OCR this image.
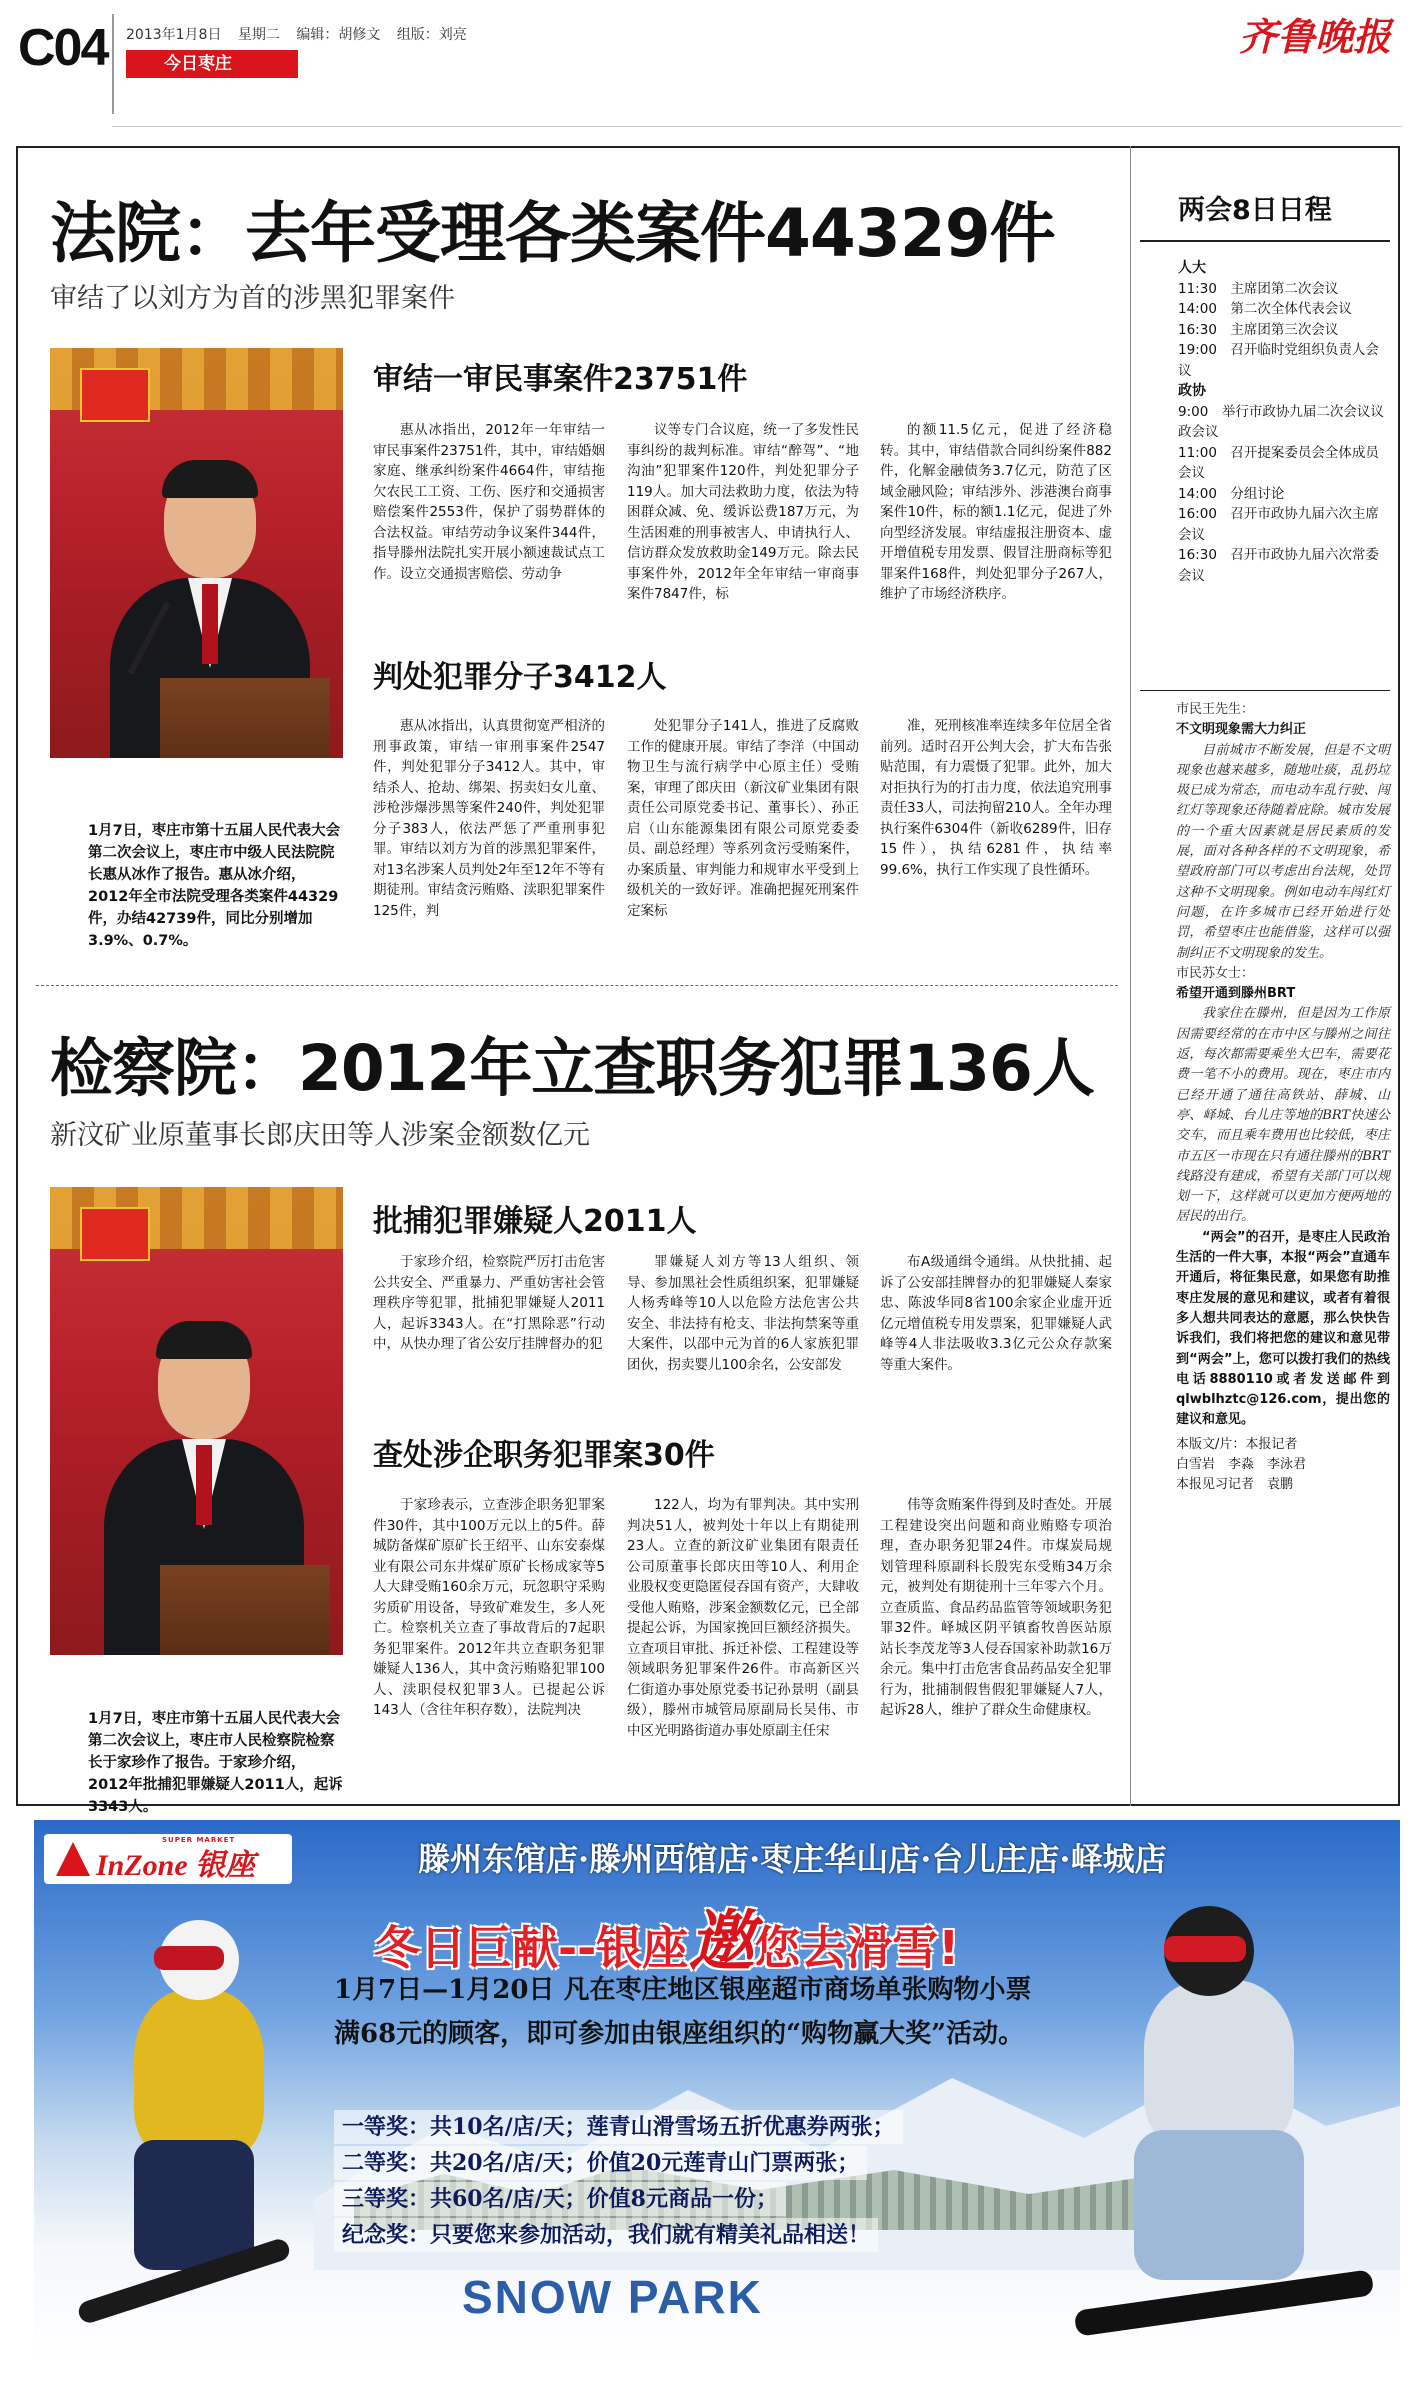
C04 2013年1月8日 星期二 编辑：胡修文 组版：刘亮
今日枣庄
齐鲁晚报
法院：去年受理各类案件44329件
审结了以刘方为首的涉黑犯罪案件
1月7日，枣庄市第十五届人民代表大会第二次会议上，枣庄市中级人民法院院长惠从冰作了报告。惠从冰介绍，2012年全市法院受理各类案件44329件，办结42739件，同比分别增加3.9%、0.7%。
审结一审民事案件23751件
惠从冰指出，2012年一年审结一审民事案件23751件，其中，审结婚姻家庭、继承纠纷案件4664件，审结拖欠农民工工资、工伤、医疗和交通损害赔偿案件2553件，保护了弱势群体的合法权益。审结劳动争议案件344件，指导滕州法院扎实开展小额速裁试点工作。设立交通损害赔偿、劳动争
议等专门合议庭，统一了多发性民事纠纷的裁判标准。审结“醉驾”、“地沟油”犯罪案件120件，判处犯罪分子119人。加大司法救助力度，依法为特困群众减、免、缓诉讼费187万元，为生活困难的刑事被害人、申请执行人、信访群众发放救助金149万元。除去民事案件外，2012年全年审结一审商事案件7847件，标
的额11.5亿元，促进了经济稳转。其中，审结借款合同纠纷案件882件，化解金融债务3.7亿元，防范了区域金融风险；审结涉外、涉港澳台商事案件10件，标的额1.1亿元，促进了外向型经济发展。审结虚报注册资本、虚开增值税专用发票、假冒注册商标等犯罪案件168件，判处犯罪分子267人，维护了市场经济秩序。
判处犯罪分子3412人
惠从冰指出，认真贯彻宽严相济的刑事政策，审结一审刑事案件2547件，判处犯罪分子3412人。其中，审结杀人、抢劫、绑架、拐卖妇女儿童、涉枪涉爆涉黑等案件240件，判处犯罪分子383人，依法严惩了严重刑事犯罪。审结以刘方为首的涉黑犯罪案件，对13名涉案人员判处2年至12年不等有期徒刑。审结贪污贿赂、渎职犯罪案件125件，判
处犯罪分子141人，推进了反腐败工作的健康开展。审结了李洋（中国动物卫生与流行病学中心原主任）受贿案，审理了郎庆田（新汶矿业集团有限责任公司原党委书记、董事长）、孙正启（山东能源集团有限公司原党委委员、副总经理）等系列贪污受贿案件，办案质量、审判能力和规审水平受到上级机关的一致好评。准确把握死刑案件定案标
准，死刑核准率连续多年位居全省前列。适时召开公判大会，扩大布告张贴范围，有力震慑了犯罪。此外，加大对拒执行为的打击力度，依法追究刑事责任33人，司法拘留210人。全年办理执行案件6304件（新收6289件，旧存15件），执结6281件，执结率99.6%，执行工作实现了良性循环。
检察院：2012年立查职务犯罪136人
新汶矿业原董事长郎庆田等人涉案金额数亿元
1月7日，枣庄市第十五届人民代表大会第二次会议上，枣庄市人民检察院检察长于家珍作了报告。于家珍介绍，2012年批捕犯罪嫌疑人2011人，起诉3343人。
批捕犯罪嫌疑人2011人
于家珍介绍，检察院严厉打击危害公共安全、严重暴力、严重妨害社会管理秩序等犯罪，批捕犯罪嫌疑人2011人，起诉3343人。在“打黑除恶”行动中，从快办理了省公安厅挂牌督办的犯
罪嫌疑人刘方等13人组织、领导、参加黑社会性质组织案，犯罪嫌疑人杨秀峰等10人以危险方法危害公共安全、非法持有枪支、非法拘禁案等重大案件，以邵中元为首的6人家族犯罪团伙，拐卖婴儿100余名，公安部发
布A级通缉令通缉。从快批捕、起诉了公安部挂牌督办的犯罪嫌疑人秦家忠、陈波华同8省100余家企业虚开近亿元增值税专用发票案，犯罪嫌疑人武峰等4人非法吸收3.3亿元公众存款案等重大案件。
查处涉企职务犯罪案30件
于家珍表示，立查涉企职务犯罪案件30件，其中100万元以上的5件。薛城防备煤矿原矿长王绍平、山东安泰煤业有限公司东井煤矿原矿长杨成家等5人大肆受贿160余万元，玩忽职守采购劣质矿用设备，导致矿难发生，多人死亡。检察机关立查了事故背后的7起职务犯罪案件。2012年共立查职务犯罪嫌疑人136人，其中贪污贿赂犯罪100人、渎职侵权犯罪3人。已提起公诉143人（含往年积存数），法院判决
122人，均为有罪判决。其中实刑判决51人，被判处十年以上有期徒刑23人。立查的新汶矿业集团有限责任公司原董事长郎庆田等10人、利用企业股权变更隐匿侵吞国有资产，大肆收受他人贿赂，涉案金额数亿元，已全部提起公诉，为国家挽回巨额经济损失。立查项目审批、拆迁补偿、工程建设等领域职务犯罪案件26件。市高新区兴仁街道办事处原党委书记孙景明（副县级），滕州市城管局原副局长吴伟、市中区光明路街道办事处原副主任宋
伟等贪贿案件得到及时查处。开展工程建设突出问题和商业贿赂专项治理，查办职务犯罪24件。市煤炭局规划管理科原副科长殷宪东受贿34万余元，被判处有期徒刑十三年零六个月。立查质监、食品药品监管等领域职务犯罪32件。峄城区阴平镇畜牧兽医站原站长李茂龙等3人侵吞国家补助款16万余元。集中打击危害食品药品安全犯罪行为，批捕制假售假犯罪嫌疑人7人，起诉28人，维护了群众生命健康权。
两会8日日程
人大
11:30　主席团第二次会议
14:00　第二次全体代表会议
16:30　主席团第三次会议
19:00　召开临时党组织负责人会议
政协
9:00　举行市政协九届二次会议议政会议
11:00　召开提案委员会全体成员会议
14:00　分组讨论
16:00　召开市政协九届六次主席会议
16:30　召开市政协九届六次常委会议
市民王先生：
不文明现象需大力纠正
目前城市不断发展，但是不文明现象也越来越多，随地吐痰，乱扔垃圾已成为常态，而电动车乱行驶、闯红灯等现象还待随着庇除。城市发展的一个重大因素就是居民素质的发展，面对各种各样的不文明现象，希望政府部门可以考虑出台法规，处罚这种不文明现象。例如电动车闯红灯问题，在许多城市已经开始进行处罚，希望枣庄也能借鉴，这样可以强制纠正不文明现象的发生。
市民苏女士：
希望开通到滕州BRT
我家住在滕州，但是因为工作原因需要经常的在市中区与滕州之间往返，每次都需要乘坐大巴车，需要花费一笔不小的费用。现在，枣庄市内已经开通了通往高铁站、薛城、山亭、峄城、台儿庄等地的BRT快速公交车，而且乘车费用也比较低，枣庄市五区一市现在只有通往滕州的BRT线路没有建成，希望有关部门可以规划一下，这样就可以更加方便两地的居民的出行。
“两会”的召开，是枣庄人民政治生活的一件大事，本报“两会”直通车开通后，将征集民意，如果您有助推枣庄发展的意见和建议，或者有着很多人想共同表达的意愿，那么快快告诉我们，我们将把您的建议和意见带到“两会”上，您可以拨打我们的热线电话8880110或者发送邮件到qlwblhztc@126.com，提出您的建议和意见。
本版文/片：本报记者
白雪岩　李淼　李泳君
本报见习记者　袁鹏
InZone 银座
SUPER MARKET	滕州东馆店·滕州西馆店·枣庄华山店·台儿庄店·峄城店
冬日巨献--银座邀您去滑雪!
1月7日—1月20日 凡在枣庄地区银座超市商场单张购物小票满68元的顾客，即可参加由银座组织的“购物赢大奖”活动。
一等奖：共10名/店/天；莲青山滑雪场五折优惠券两张；
二等奖：共20名/店/天；价值20元莲青山门票两张；
三等奖：共60名/店/天；价值8元商品一份；
纪念奖：只要您来参加活动，我们就有精美礼品相送！
SNOW PARK
